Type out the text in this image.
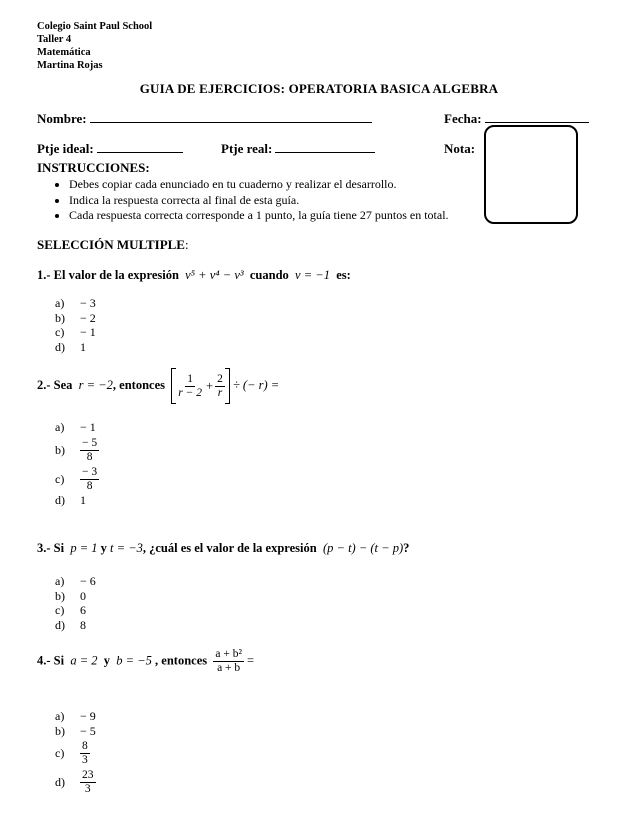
Colegio Saint Paul School
Taller 4
Matemática
Martina Rojas
GUIA DE EJERCICIOS: OPERATORIA BASICA ALGEBRA
Nombre:	Fecha:
Ptje ideal:	Ptje real:	Nota:
INSTRUCCIONES:
• Debes copiar cada enunciado en tu cuaderno y realizar el desarrollo.
• Indica la respuesta correcta al final de esta guía.
• Cada respuesta correcta corresponde a 1 punto, la guía tiene 27 puntos en total.
SELECCIÓN MULTIPLE:
1.- El valor de la expresión v⁵ + v⁴ − v³ cuando v = −1 es:
a)	− 3
b)	− 2
c)	− 1
d)	1
2.- Sea r = −2, entonces $\frac{1}{r - 2} + \frac{2}{r}$ ÷ (− r) =
a)	− 1
b)	$\frac{- 5}{8}$
c)	$\frac{- 3}{8}$
d)	1
3.- Si p = 1 y t = −3, ¿cuál es el valor de la expresión (p − t) − (t − p)?
a)	− 6
b)	0
c)	6
d)	8
4.- Si a = 2 y b = −5 , entonces $\frac{\text{a + b²}}{a + b}$ =
a)	− 9
b)	− 5
c)	$\frac{8}{3}$
d)	$\frac{23}{3}$
